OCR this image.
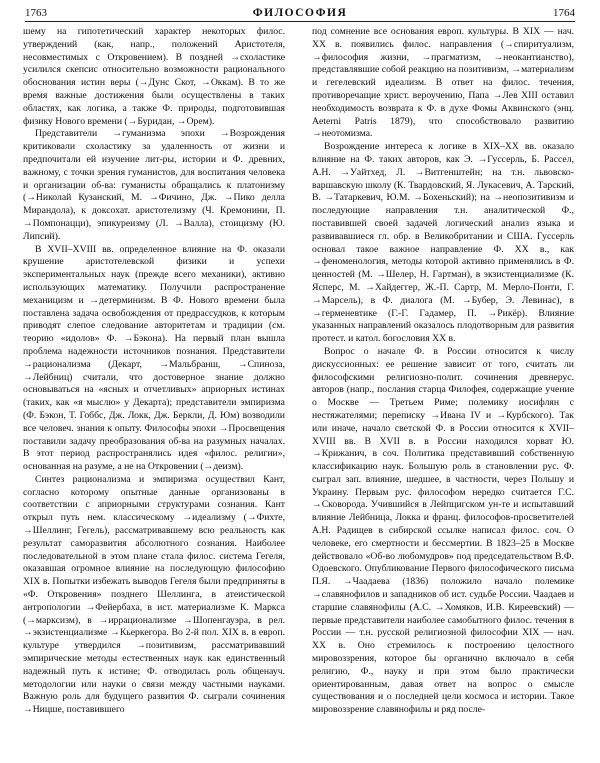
1763	ФИЛОСОФИЯ	1764

шему на гипотетический характер некоторых филос. утверждений (как, напр., положений Аристотеля, несовместимых с Откровением). В поздней →схоластике усилился скепсис относительно возможности рационального обоснования истин веры (→Дунс Скот, →Оккам). В то же время важные достижения были осуществлены в таких областях, как логика, а также Ф. природы, подготовившая физику Нового времени (→Буридан, →Орем).

Представители →гуманизма эпохи →Возрождения критиковали схоластику за удаленность от жизни и предпочитали ей изучение лит-ры, истории и Ф. древних, важному, с точки зрения гуманистов, для воспитания человека и организации об-ва: гуманисты обращались к платонизму (→Николай Кузанский, М. →Фичино, Дж. →Пико делла Мирандола), к доксохат. аристотелизму (Ч. Кремонини, П. →Помпонацци), эпикуреизму (Л. →Валла), стоицизму (Ю. Липсий).

В XVII–XVIII вв. определенное влияние на Ф. оказали крушение аристотелевской физики и успехи экспериментальных наук (прежде всего механики), активно использующих математику. Получили распространение механицизм и →детерминизм. В Ф. Нового времени была поставлена задача освобождения от предрассудков, к которым приводят слепое следование авторитетам и традиции (см. теорию «идолов» Ф. →Бэкона). На первый план вышла проблема надежности источников познания. Представители →рационализма (Декарт, →Мальбранш, →Спиноза, →Лейбниц) считали, что достоверное знание должно основываться на «ясных и отчетливых» априорных истинах (таких, как «я мыслю» у Декарта); представители эмпиризма (Ф. Бэкон, Т. Гоббс, Дж. Локк, Дж. Беркли, Д. Юм) возводили все человеч. знания к опыту. Философы эпохи →Просвещения поставили задачу преобразования об-ва на разумных началах. В этот период распространялись идея «филос. религии», основанная на разуме, а не на Откровении (→деизм).

Синтез рационализма и эмпиризма осуществил Кант, согласно которому опытные данные организованы в соответствии с априорными структурами сознания. Кант открыл путь нем. классическому →идеализму (→Фихте, →Шеллинг, Гегель), рассматривавшему всю реальность как результат саморазвития абсолютного сознания. Наиболее последовательной в этом плане стала филос. система Гегеля, оказавшая огромное влияние на последующую философию XIX в. Попытки избежать выводов Гегеля были предприняты в «Ф. Откровения» позднего Шеллинга, в атеистической антропологии →Фейербаха, в ист. материализме К. Маркса (→марксизм), в →иррационализме →Шопенгауэра, в рел. →экзистенциализме →Кьеркегора. Во 2-й пол. XIX в. в европ. культуре утвердился →позитивизм, рассматривавший эмпирические методы естественных наук как единственный надежный путь к истине; Ф. отводилась роль общенауч. методологии или науки о связи между частными науками. Важную роль для будущего развития Ф. сыграли сочинения →Ницше, поставившего

под сомнение все основания европ. культуры. В XIX — нач. XX в. появились филос. направления (→спиритуализм, →философия жизни, →прагматизм, →неокантианство), представлявшие собой реакцию на позитивизм, →материализм и гегелевский идеализм. В ответ на филос. течения, противоречащие христ. вероучению, Папа →Лев XIII оставил необходимость возврата к Ф. в духе Фомы Аквинского (энц. Aeterni Patris 1879), что способствовало развитию →неотомизма.

Возрождение интереса к логике в XIX–XX вв. оказало влияние на Ф. таких авторов, как Э. →Гуссерль, Б. Рассел, А.Н. →Уайтхед, Л. →Витгенштейн; на т.н. львовско-варшавскую школу (К. Твардовский, Я. Лукасевич, А. Тарский, В. →Татаркевич, Ю.М. →Бохеньский); на →неопозитивизм и последующие направления т.н. аналитической Ф., поставившей своей задачей логический анализ языка и развивавшиеся гл. обр. в Великобритании и США. Гуссерль основал такое важное направление Ф. XX в., как →феноменология, методы которой активно применялись в Ф. ценностей (М. →Шелер, Н. Гартман), в экзистенциализме (К. Ясперс, М. →Хайдеггер, Ж.-П. Сартр, М. Мерло-Понти, Г. →Марсель), в Ф. диалога (М. →Бубер, Э. Левинас), в →герменевтике (Г.-Г. Гадамер, П. →Рикёр). Влияние указанных направлений оказалось плодотворным для развития протест. и катол. богословия XX в.

Вопрос о начале Ф. в России относится к числу дискуссионных: ее решение зависит от того, считать ли философскими религиозно-полит. сочинения древнерус. авторов (напр., послания старца Филофея, содержащие учение о Москве — Третьем Риме; полемику иосифлян с нестяжателями; переписку →Ивана IV и →Курбского). Так или иначе, начало светской Ф. в России относится к XVII–XVIII вв. В XVII в. в России находился хорват Ю. →Крижанич, в соч. Политика представивший собственную классификацию наук. Большую роль в становлении рус. Ф. сыграл зап. влияние, шедшее, в частности, через Польшу и Украину. Первым рус. философом нередко считается Г.С. →Сковорода. Учившийся в Лейпцигском ун-те и испытавший влияние Лейбница, Локка и франц. философов-просветителей А.Н. Радищев в сибирской ссылке написал филос. соч. О человеке, его смертности и бессмертии. В 1823–25 в Москве действовало «Об-во любомудров» под председательством В.Ф. Одоевского. Опубликование Первого философического письма П.Я. →Чаадаева (1836) положило начало полемике →славянофилов и западников об ист. судьбе России. Чаадаев и старшие славянофилы (А.С. →Хомяков, И.В. Киреевский) — первые представители наиболее самобытного филос. течения в России — т.н. русской религиозной философии XIX — нач. XX в. Оно стремилось к построению целостного мировоззрения, которое бы органично включало в себя религию, Ф., науку и при этом было практически ориентированным, давая ответ на вопрос о смысле существования и о последней цели космоса и истории. Такое мировоззрение славянофилы и ряд после-
